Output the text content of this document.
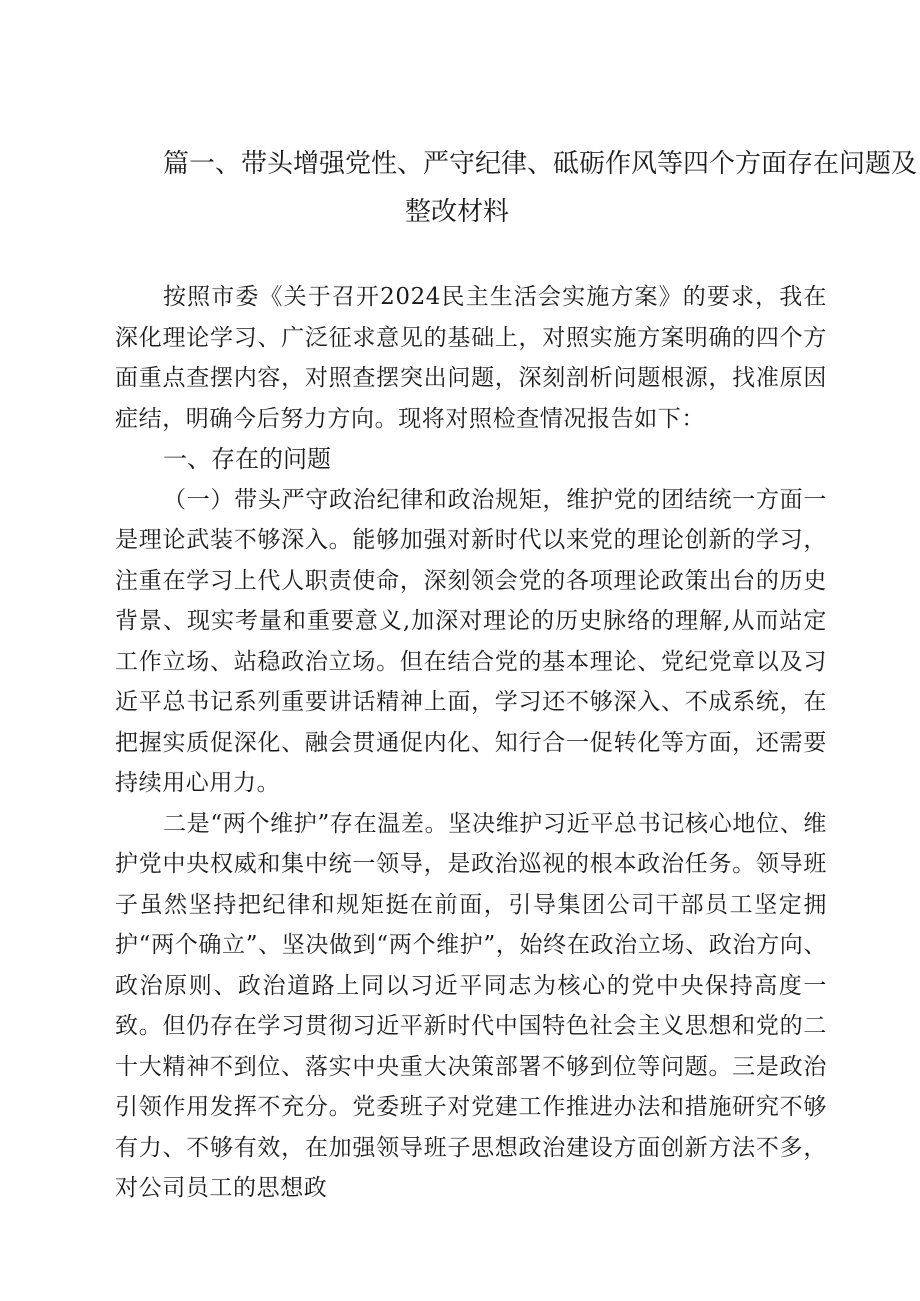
篇一、带头增强党性、严守纪律、砥砺作风等四个方面存在问题及
整改材料

按照市委《关于召开2024民主生活会实施方案》的要求，我在深化理论学习、广泛征求意见的基础上，对照实施方案明确的四个方面重点查摆内容，对照查摆突出问题，深刻剖析问题根源，找准原因症结，明确今后努力方向。现将对照检查情况报告如下：

一、存在的问题

（一）带头严守政治纪律和政治规矩，维护党的团结统一方面一是理论武装不够深入。能够加强对新时代以来党的理论创新的学习，注重在学习上代人职责使命，深刻领会党的各项理论政策出台的历史背景、现实考量和重要意义,加深对理论的历史脉络的理解,从而站定工作立场、站稳政治立场。但在结合党的基本理论、党纪党章以及习近平总书记系列重要讲话精神上面，学习还不够深入、不成系统，在把握实质促深化、融会贯通促内化、知行合一促转化等方面，还需要持续用心用力。

二是“两个维护”存在温差。坚决维护习近平总书记核心地位、维护党中央权威和集中统一领导，是政治巡视的根本政治任务。领导班子虽然坚持把纪律和规矩挺在前面，引导集团公司干部员工坚定拥护“两个确立”、坚决做到“两个维护”，始终在政治立场、政治方向、政治原则、政治道路上同以习近平同志为核心的党中央保持高度一致。但仍存在学习贯彻习近平新时代中国特色社会主义思想和党的二十大精神不到位、落实中央重大决策部署不够到位等问题。三是政治引领作用发挥不充分。党委班子对党建工作推进办法和措施研究不够有力、不够有效，在加强领导班子思想政治建设方面创新方法不多，对公司员工的思想政
